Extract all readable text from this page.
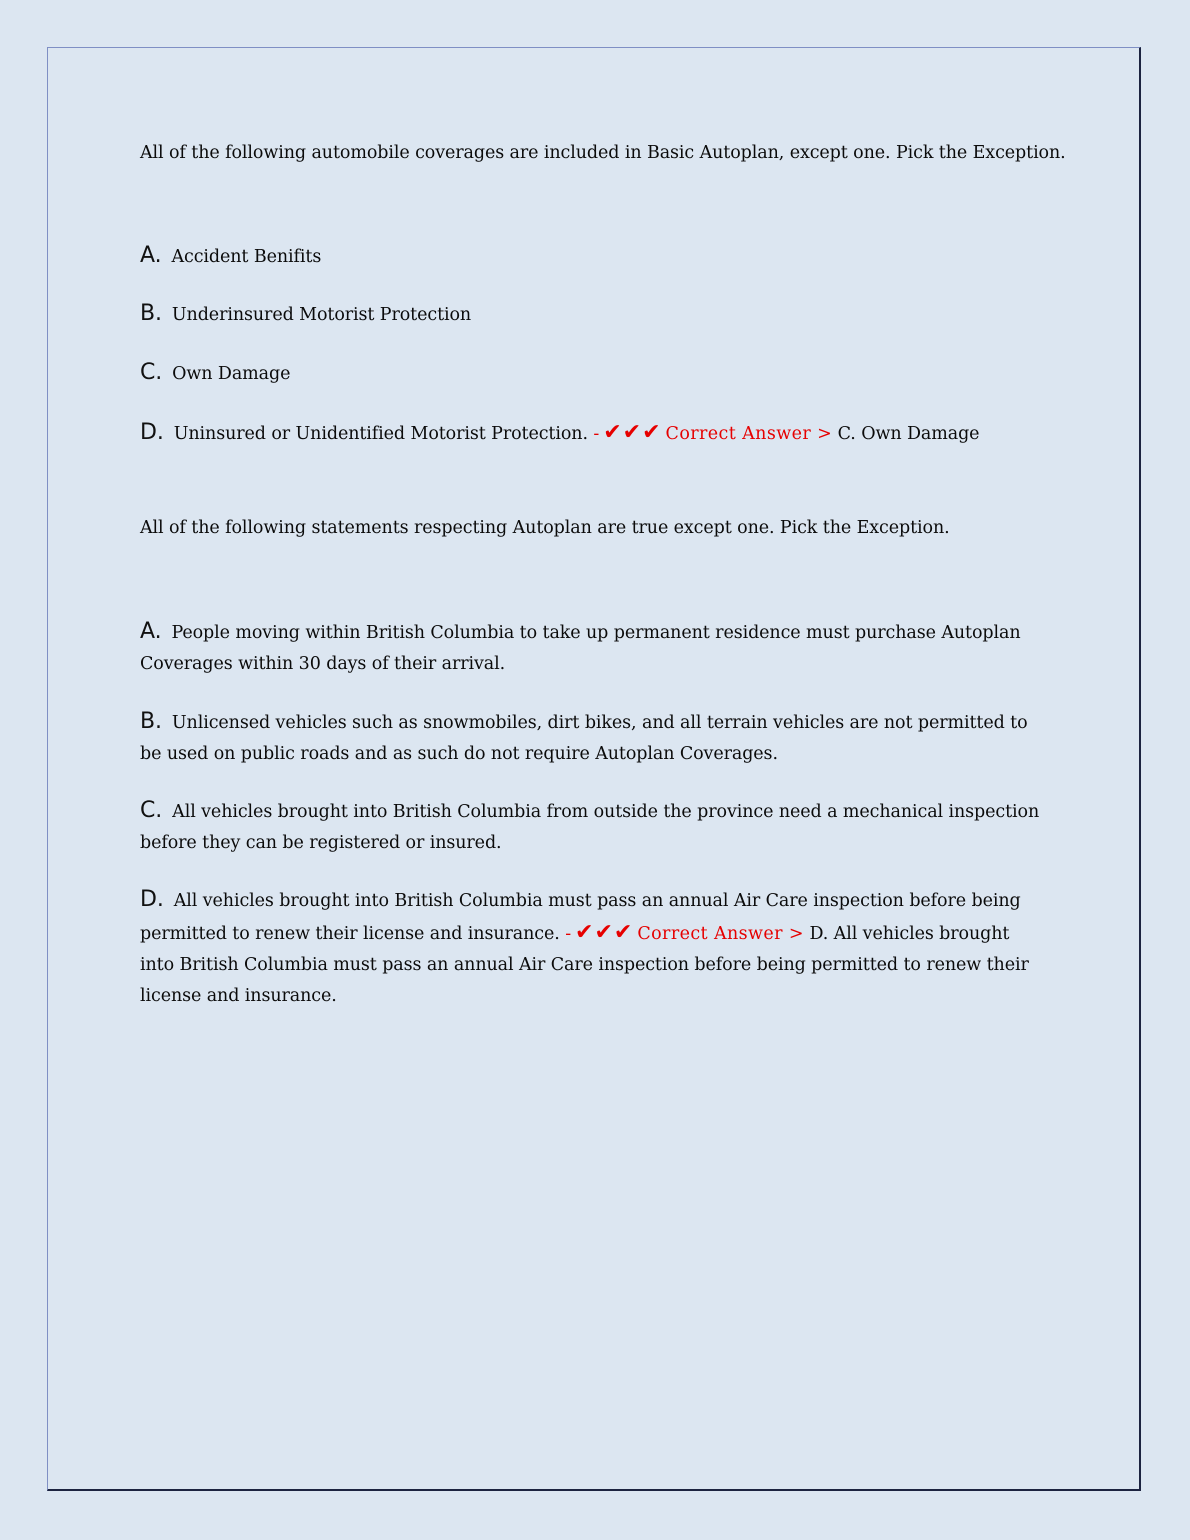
All of the following automobile coverages are included in Basic Autoplan, except one. Pick the Exception.
A. Accident Benifits
B. Underinsured Motorist Protection
C. Own Damage
D. Uninsured or Unidentified Motorist Protection. - ✔✔✔ Correct Answer > C. Own Damage
All of the following statements respecting Autoplan are true except one. Pick the Exception.
A. People moving within British Columbia to take up permanent residence must purchase Autoplan Coverages within 30 days of their arrival.
B. Unlicensed vehicles such as snowmobiles, dirt bikes, and all terrain vehicles are not permitted to be used on public roads and as such do not require Autoplan Coverages.
C. All vehicles brought into British Columbia from outside the province need a mechanical inspection before they can be registered or insured.
D. All vehicles brought into British Columbia must pass an annual Air Care inspection before being permitted to renew their license and insurance. - ✔✔✔ Correct Answer > D. All vehicles brought into British Columbia must pass an annual Air Care inspection before being permitted to renew their license and insurance.
